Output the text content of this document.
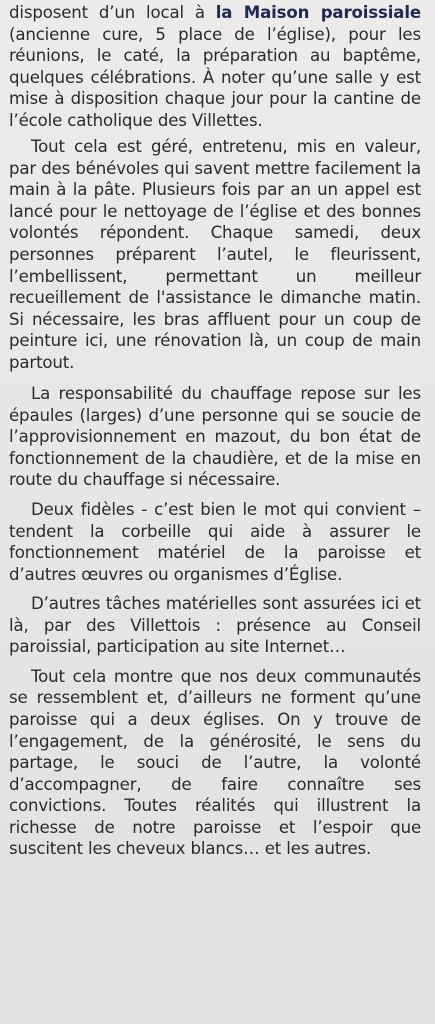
disposent d’un local à la Maison paroissiale (ancienne cure, 5 place de l’église), pour les réunions, le caté, la préparation au baptême, quelques célébrations. À noter qu’une salle y est mise à disposition chaque jour pour la cantine de l’école catholique des Villettes.

Tout cela est géré, entretenu, mis en valeur, par des bénévoles qui savent mettre facilement la main à la pâte. Plusieurs fois par an un appel est lancé pour le nettoyage de l’église et des bonnes volontés répondent. Chaque samedi, deux personnes préparent l’autel, le fleurissent, l’embellissent, permettant un meilleur recueillement de l'assistance le dimanche matin. Si nécessaire, les bras affluent pour un coup de peinture ici, une rénovation là, un coup de main partout.

La responsabilité du chauffage repose sur les épaules (larges) d’une personne qui se soucie de l’approvisionnement en mazout, du bon état de fonctionnement de la chaudière, et de la mise en route du chauffage si nécessaire.

Deux fidèles - c’est bien le mot qui convient – tendent la corbeille qui aide à assurer le fonctionnement matériel de la paroisse et d’autres œuvres ou organismes d’Église.

D’autres tâches matérielles sont assurées ici et là, par des Villettois : présence au Conseil paroissial, participation au site Internet…

Tout cela montre que nos deux communautés se ressemblent et, d’ailleurs ne forment qu’une paroisse qui a deux églises. On y trouve de l’engagement, de la générosité, le sens du partage, le souci de l’autre, la volonté d’accompagner, de faire connaître ses convictions. Toutes réalités qui illustrent la richesse de notre paroisse et l’espoir que suscitent les cheveux blancs… et les autres.
